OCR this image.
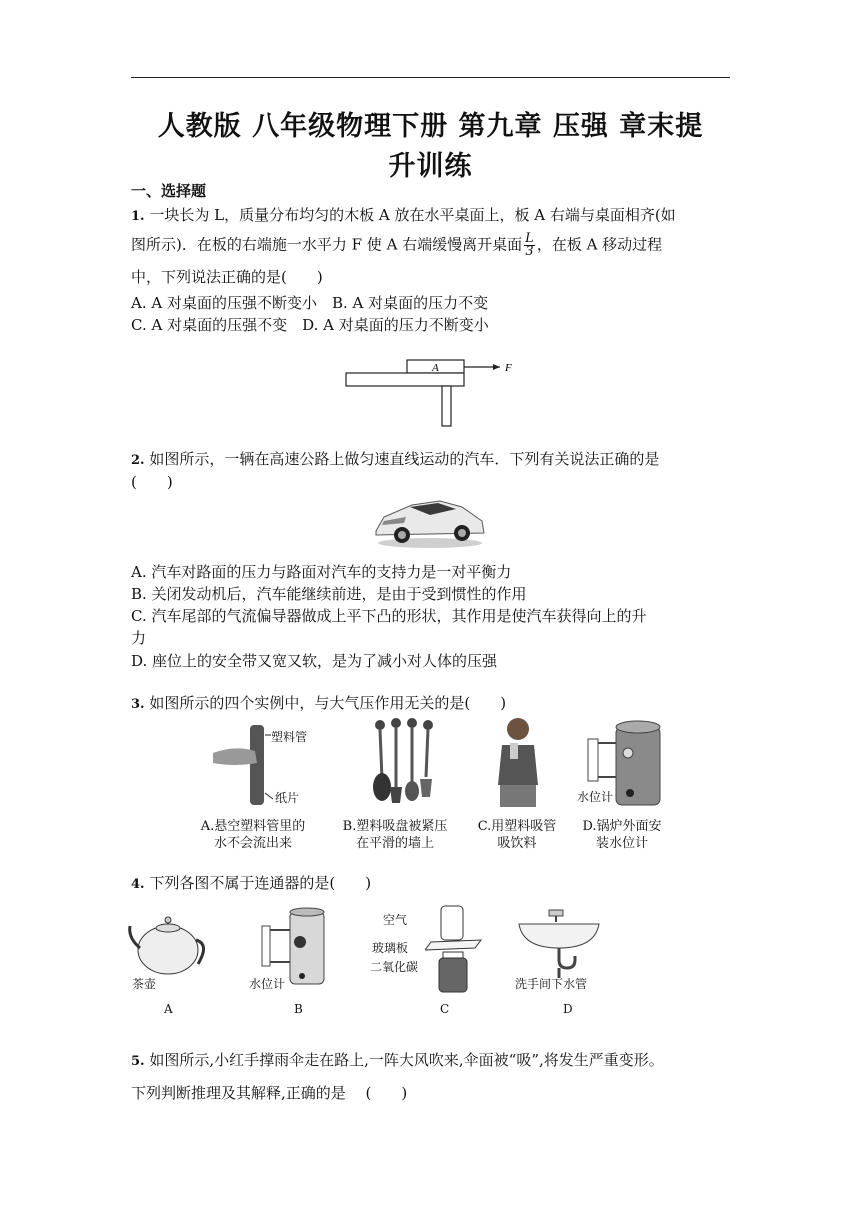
人教版 八年级物理下册 第九章 压强 章末提
升训练
一、选择题
1. 一块长为 L，质量分布均匀的木板 A 放在水平桌面上，板 A 右端与桌面相齐(如
图所示)．在板的右端施一水平力 F 使 A 右端缓慢离开桌面 $\frac{L}{3}$ ，在板 A 移动过程
中，下列说法正确的是(　　)
A. A 对桌面的压强不断变小　B. A 对桌面的压力不变
C. A 对桌面的压强不变　D. A 对桌面的压力不断变小
A	F
2. 如图所示，一辆在高速公路上做匀速直线运动的汽车．下列有关说法正确的是
(　　)
A. 汽车对路面的压力与路面对汽车的支持力是一对平衡力
B. 关闭发动机后，汽车能继续前进，是由于受到惯性的作用
C. 汽车尾部的气流偏导器做成上平下凸的形状，其作用是使汽车获得向上的升
力
D. 座位上的安全带又宽又软，是为了减小对人体的压强
3. 如图所示的四个实例中，与大气压作用无关的是(　　)
塑料管
纸片	水位计
A.悬空塑料管里的
水不会流出来
B.塑料吸盘被紧压
在平滑的墙上
C.用塑料吸管
吸饮料
D.锅炉外面安
装水位计
4. 下列各图不属于连通器的是(　　)
茶壶	水位计
空气
玻璃板
二氧化碳
洗手间下水管
A	B	C	D
5. 如图所示,小红手撑雨伞走在路上,一阵大风吹来,伞面被“吸”,将发生严重变形。
下列判断推理及其解释,正确的是　 (　　)
